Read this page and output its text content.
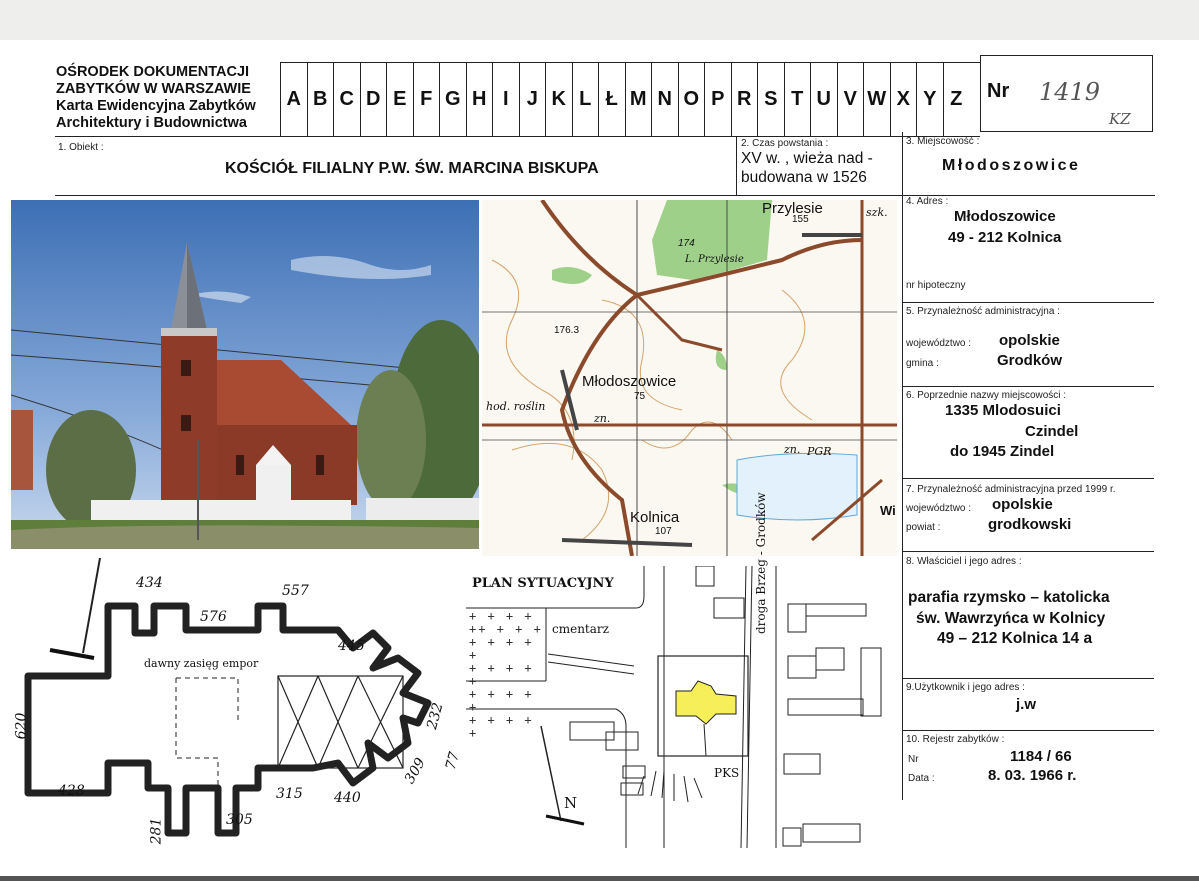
OŚRODEK DOKUMENTACJI
ZABYTKÓW W WARSZAWIE
Karta Ewidencyjna Zabytków
Architektury i Budownictwa
A B C D E F G H I J K L Ł M N O P R S T U V W X Y Z	Nr 1419
KZ
1. Obiekt :
KOŚCIÓŁ FILIALNY P.W. ŚW. MARCINA BISKUPA
2. Czas powstania :
XV w. , wieża nad -
budowana w 1526
3. Miejscowość :
Młodoszowice
4. Adres :
Młodoszowice
49 - 212 Kolnica
nr hipoteczny
5. Przynależność administracyjna :
województwo : opolskie
gmina :	Grodków
6. Poprzednie nazwy miejscowości :
1335 Mlodosuici
Czindel
do 1945 Zindel
7. Przynależność administracyjna przed 1999 r.
województwo : opolskie
powiat :	grodkowski
8. Właściciel i jego adres :
parafia rzymsko – katolicka
św. Wawrzyńca w Kolnicy
49 – 212 Kolnica 14 a
9.Użytkownik i jego adres :
j.w
10. Rejestr zabytków :
Nr	1184 / 66
Data :	8. 03. 1966 r.
Przylesie
155
szk.
174
L. Przylesie
176.3
Młodoszowice
75
hod. roślin
zn.
zn. PGR
Kolnica
107
Wi
434	557
576
445
620
428
281	305
315 440
309
232
77
dawny zasięg empor
+ + + +
++ + + +
+ + + + +
+ + + + +
+ + + + +
+ + + + +
PLAN SYTUACYJNY
cmentarz	droga Brzeg - Grodków
PKS
N
